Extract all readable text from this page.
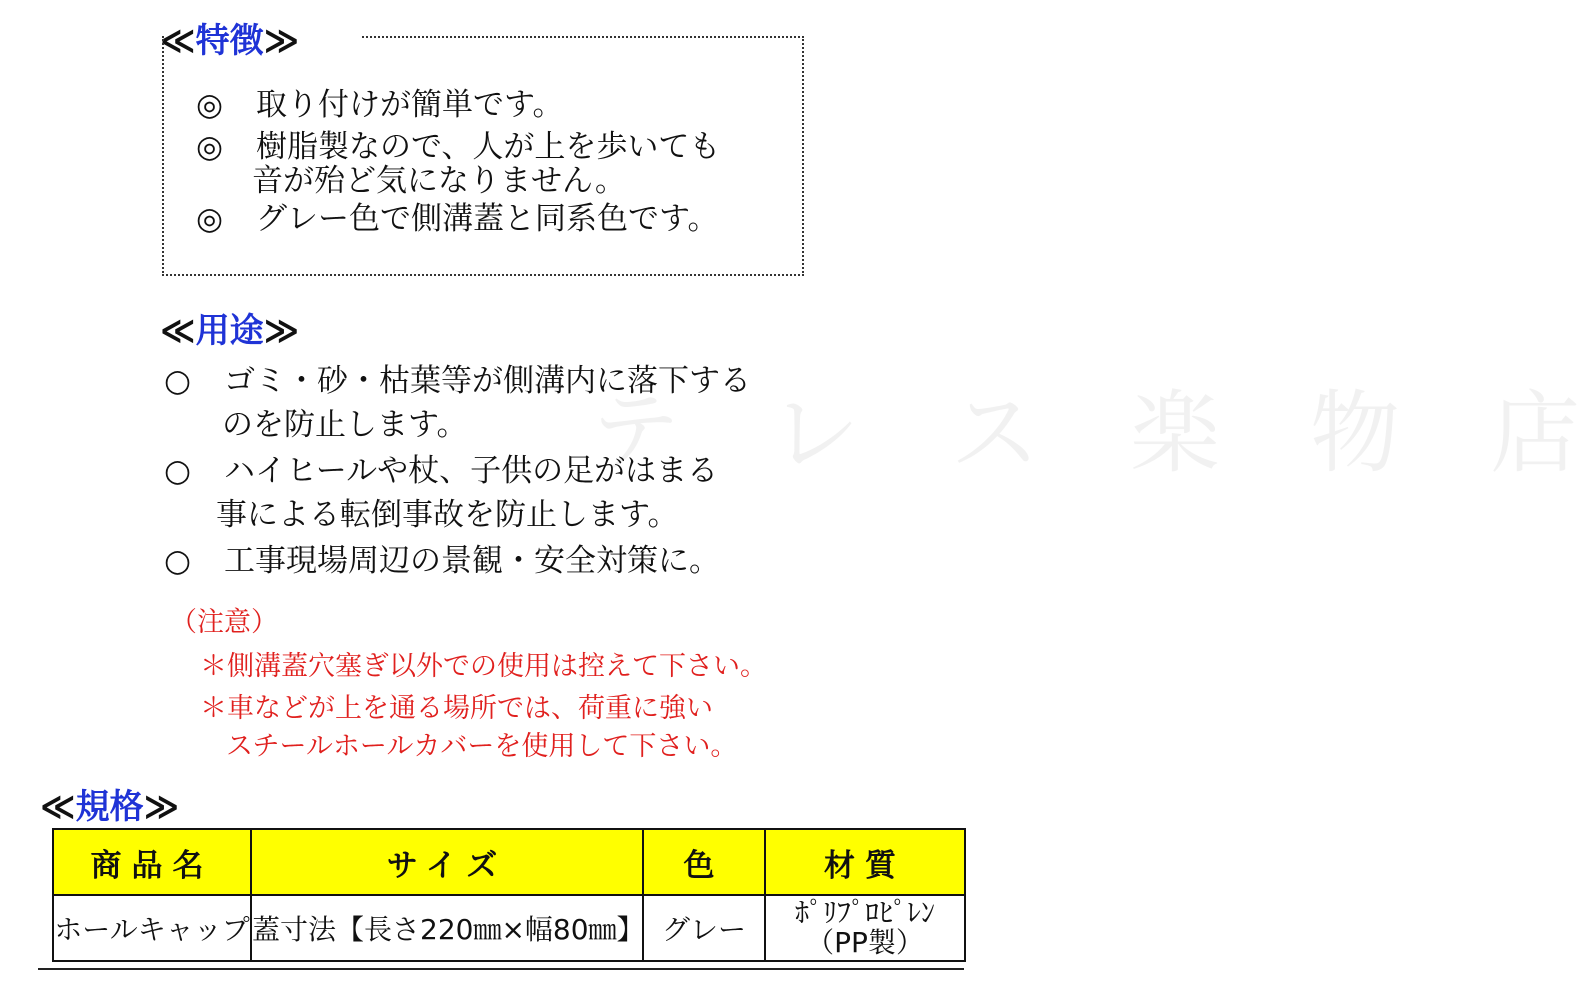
≪特徴≫
◎ 取り付けが簡単です。
◎ 樹脂製なので、人が上を歩いても
音が殆ど気になりません。
◎ グレー色で側溝蓋と同系色です。
テ　レ　ス　楽　物　店
≪用途≫
○ ゴミ・砂・枯葉等が側溝内に落下する
のを防止します。
○ ハイヒールや杖、子供の足がはまる
事による転倒事故を防止します。
○ 工事現場周辺の景観・安全対策に。
（注意）
＊側溝蓋穴塞ぎ以外での使用は控えて下さい。
＊車などが上を通る場所では、荷重に強い
スチールホールカバーを使用して下さい。
≪規格≫
商品名	サイズ	色	材質
ホールキャップ	蓋寸法【長さ220㎜×幅80㎜】	グレー	ﾎﾟﾘﾌﾟﾛﾋﾟﾚﾝ
（PP製）
